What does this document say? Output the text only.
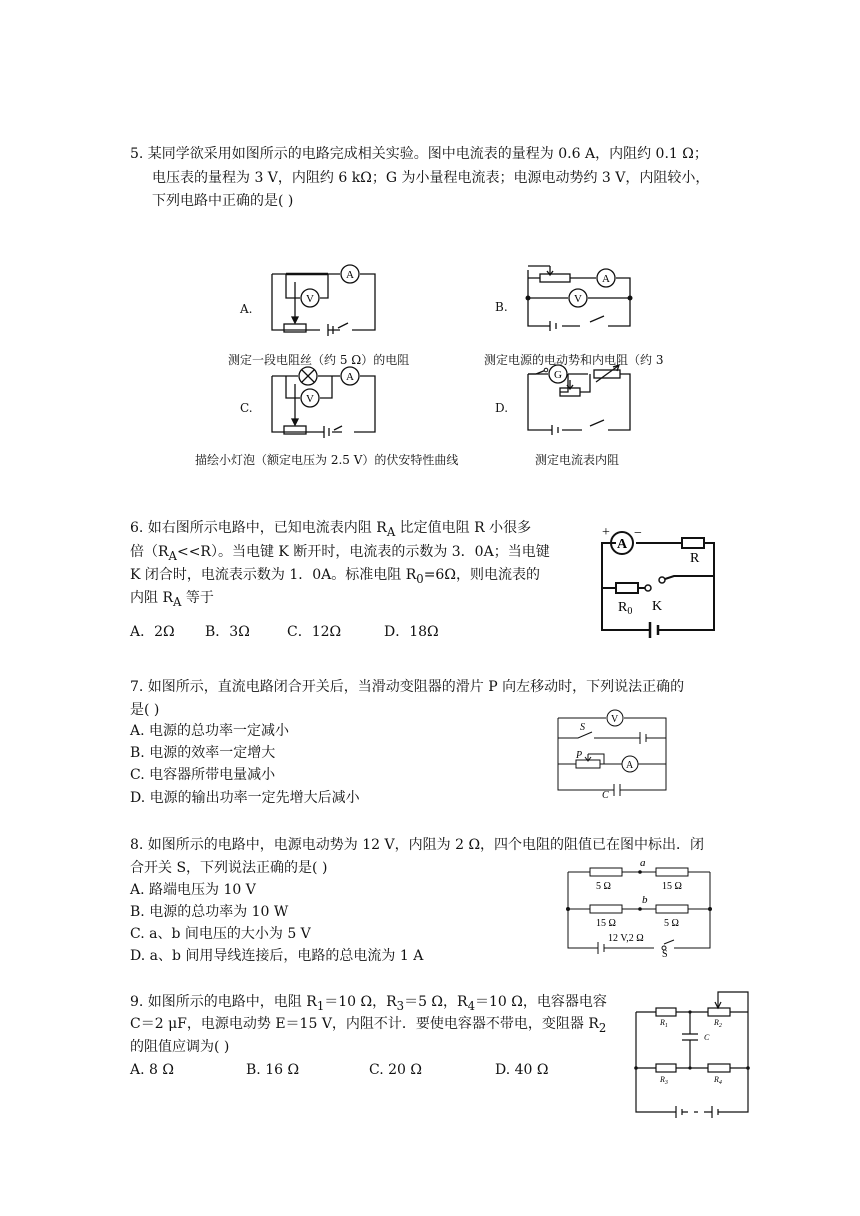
5. 某同学欲采用如图所示的电路完成相关实验。图中电流表的量程为 0.6 A，内阻约 0.1 Ω；
电压表的量程为 3 V，内阻约 6 kΩ；G 为小量程电流表；电源电动势约 3 V，内阻较小，
下列电路中正确的是( )
A.	B.
C.	D.
测定一段电阻丝（约 5 Ω）的电阻	测定电源的电动势和内电阻（约 3
描绘小灯泡（额定电压为 2.5 V）的伏安特性曲线	测定电流表内阻
A
V
A
V
A
V
G
6. 如右图所示电路中，已知电流表内阻 $R_A$ 比定值电阻 R 小很多
倍$(R_A<<R)$。当电键 K 断开时，电流表的示数为 3．0A；当电键
K 闭合时，电流表示数为 1．0A。标准电阻 $R_0=6\Omega$，则电流表的
内阻 $R_A$ 等于
A．2Ω B．3Ω	C．12Ω	D．18Ω
+ −
A
R
$R_0$ K
7. 如图所示，直流电路闭合开关后，当滑动变阻器的滑片 P 向左移动时，下列说法正确的
是( )
A. 电源的总功率一定减小
B. 电源的效率一定增大
C. 电容器所带电量减小
D. 电源的输出功率一定先增大后减小
V
A
S
P
C
8. 如图所示的电路中，电源电动势为 12 V，内阻为 2 Ω，四个电阻的阻值已在图中标出．闭
合开关 S，下列说法正确的是( )
A. 路端电压为 10 V
B. 电源的总功率为 10 W
C. a、b 间电压的大小为 5 V
D. a、b 间用导线连接后，电路的总电流为 1 A
a
b
5 Ω	15 Ω
15 Ω	5 Ω
12 V,2 Ω
S
9. 如图所示的电路中，电阻 $R_1=10$ Ω，$R_3=5$ Ω，$R_4=10$ Ω，电容器电容
C＝2 μF，电源电动势 E＝15 V，内阻不计．要使电容器不带电，变阻器 $R_2$
的阻值应调为( )
A. 8 Ω	B. 16 Ω	C. 20 Ω	D. 40 Ω
$R_1$	$R_2$
$R_3$	$R_4$
C
